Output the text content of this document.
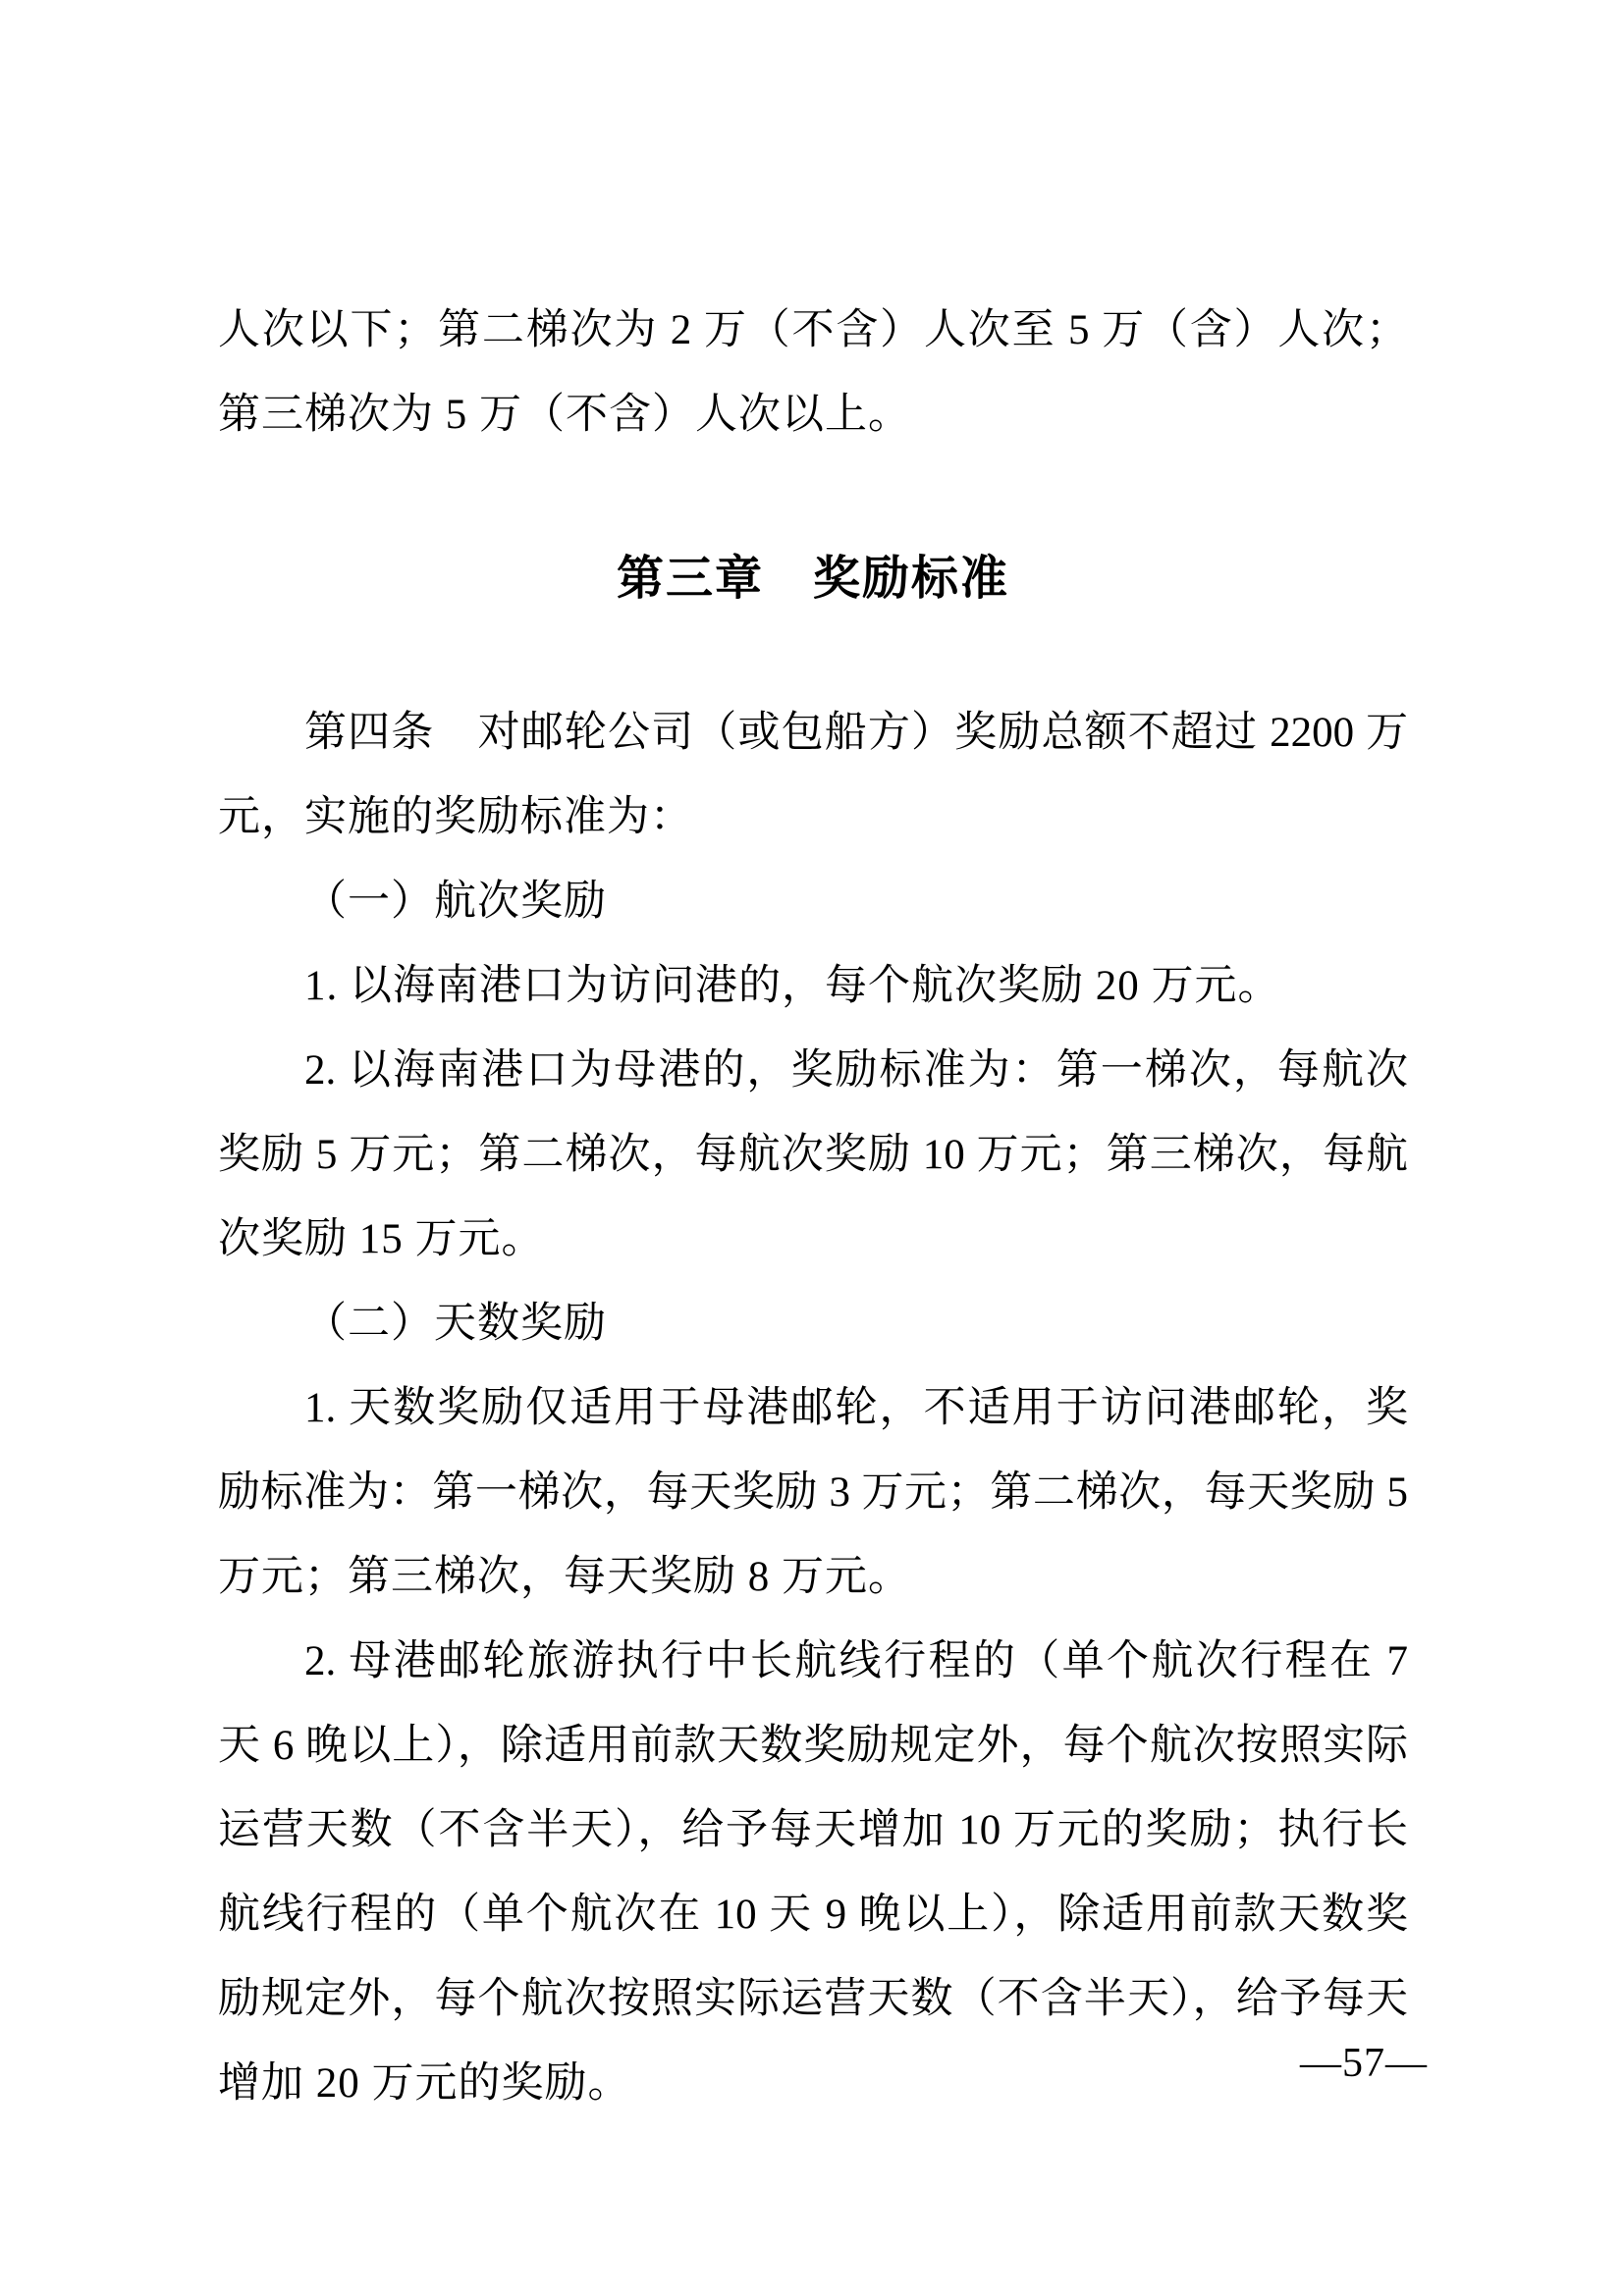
人次以下；第二梯次为 2 万（不含）人次至 5 万（含）人次；
第三梯次为 5 万（不含）人次以上。
第三章　奖励标准
第四条　对邮轮公司（或包船方）奖励总额不超过 2200 万
元，实施的奖励标准为：
（一）航次奖励
1. 以海南港口为访问港的，每个航次奖励 20 万元。
2. 以海南港口为母港的，奖励标准为：第一梯次，每航次
奖励 5 万元；第二梯次，每航次奖励 10 万元；第三梯次，每航
次奖励 15 万元。
（二）天数奖励
1. 天数奖励仅适用于母港邮轮，不适用于访问港邮轮，奖
励标准为：第一梯次，每天奖励 3 万元；第二梯次，每天奖励 5
万元；第三梯次，每天奖励 8 万元。
2. 母港邮轮旅游执行中长航线行程的（单个航次行程在 7
天 6 晚以上），除适用前款天数奖励规定外，每个航次按照实际
运营天数（不含半天），给予每天增加 10 万元的奖励；执行长
航线行程的（单个航次在 10 天 9 晚以上），除适用前款天数奖
励规定外，每个航次按照实际运营天数（不含半天），给予每天
增加 20 万元的奖励。	—57—
